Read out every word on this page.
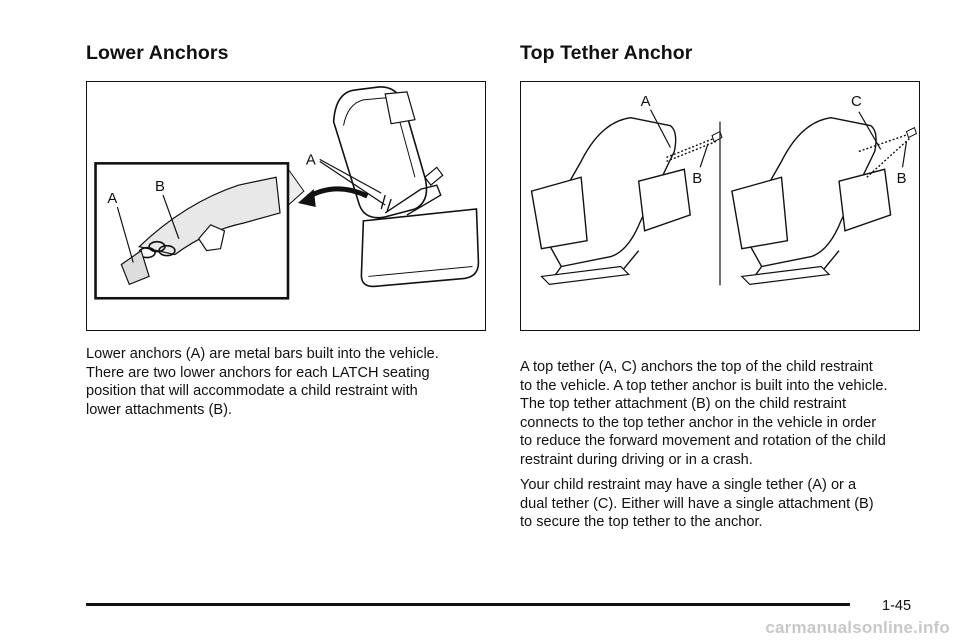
Lower Anchors
A
A
B

Lower anchors (A) are metal bars built into the vehicle.
There are two lower anchors for each LATCH seating
position that will accommodate a child restraint with
lower attachments (B).

Top Tether Anchor
A
B
C
B

A top tether (A, C) anchors the top of the child restraint
to the vehicle. A top tether anchor is built into the vehicle.
The top tether attachment (B) on the child restraint
connects to the top tether anchor in the vehicle in order
to reduce the forward movement and rotation of the child
restraint during driving or in a crash.

Your child restraint may have a single tether (A) or a
dual tether (C). Either will have a single attachment (B)
to secure the top tether to the anchor.

1-45
carmanualsonline.info
